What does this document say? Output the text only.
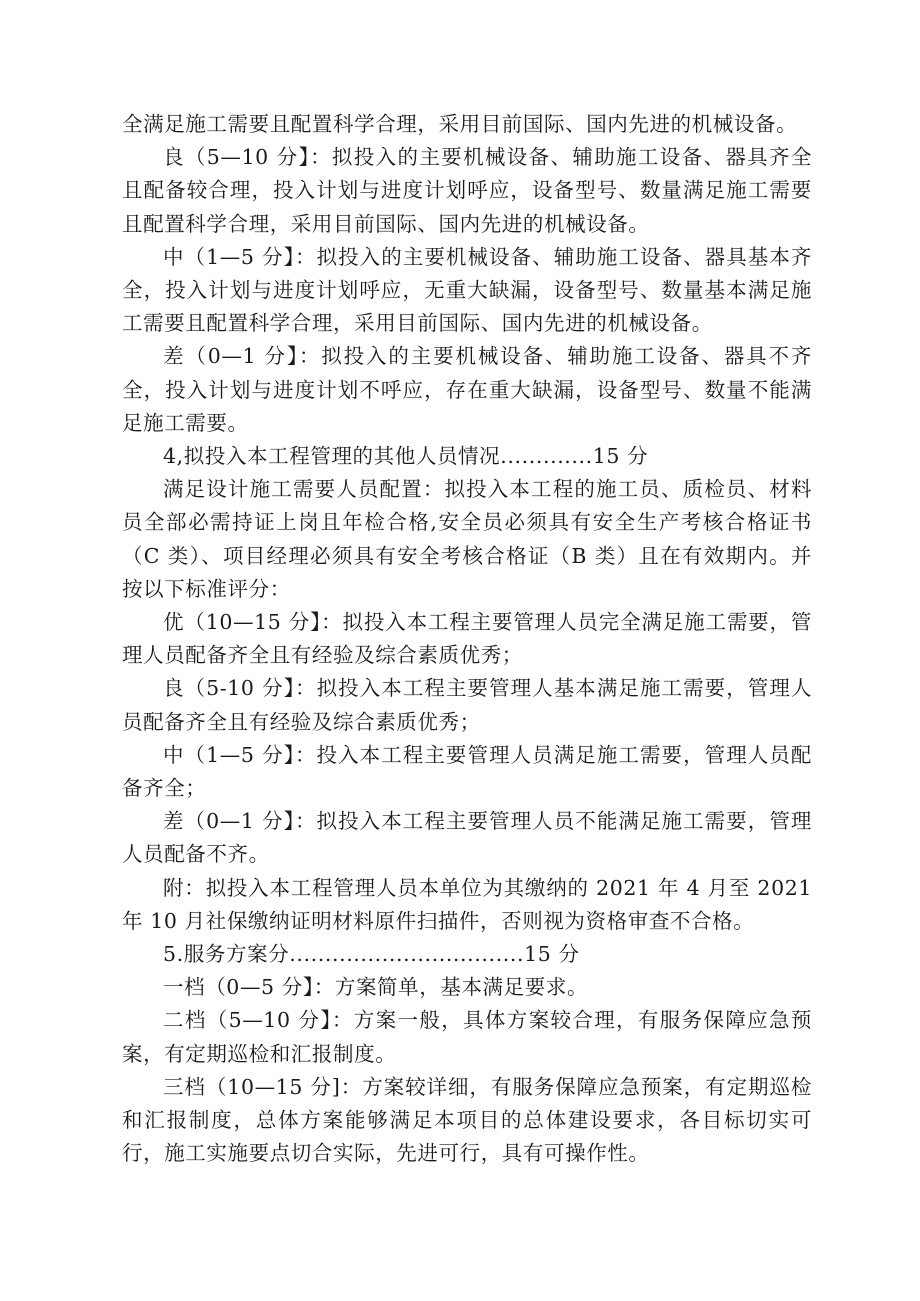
全满足施工需要且配置科学合理，采用目前国际、国内先进的机械设备。

良（5—10 分】：拟投入的主要机械设备、辅助施工设备、器具齐全且配备较合理，投入计划与进度计划呼应，设备型号、数量满足施工需要且配置科学合理，采用目前国际、国内先进的机械设备。

中（1—5 分】：拟投入的主要机械设备、辅助施工设备、器具基本齐全，投入计划与进度计划呼应，无重大缺漏，设备型号、数量基本满足施工需要且配置科学合理，采用目前国际、国内先进的机械设备。

差（0—1 分】：拟投入的主要机械设备、辅助施工设备、器具不齐全，投入计划与进度计划不呼应，存在重大缺漏，设备型号、数量不能满足施工需要。

4,拟投入本工程管理的其他人员情况.............15 分

满足设计施工需要人员配置：拟投入本工程的施工员、质检员、材料员全部必需持证上岗且年检合格,安全员必须具有安全生产考核合格证书（C 类）、项目经理必须具有安全考核合格证（B 类）且在有效期内。并按以下标准评分：

优（10—15 分】：拟投入本工程主要管理人员完全满足施工需要，管理人员配备齐全且有经验及综合素质优秀；

良（5-10 分】：拟投入本工程主要管理人基本满足施工需要，管理人员配备齐全且有经验及综合素质优秀；

中（1—5 分】：投入本工程主要管理人员满足施工需要，管理人员配备齐全；

差（0—1 分】：拟投入本工程主要管理人员不能满足施工需要，管理人员配备不齐。

附：拟投入本工程管理人员本单位为其缴纳的 2021 年 4 月至 2021 年 10 月社保缴纳证明材料原件扫描件，否则视为资格审查不合格。

5.服务方案分.................................15 分

一档（0—5 分】：方案简单，基本满足要求。

二档（5—10 分】：方案一般，具体方案较合理，有服务保障应急预案，有定期巡检和汇报制度。

三档（10—15 分]：方案较详细，有服务保障应急预案，有定期巡检和汇报制度，总体方案能够满足本项目的总体建设要求，各目标切实可行，施工实施要点切合实际，先进可行，具有可操作性。
